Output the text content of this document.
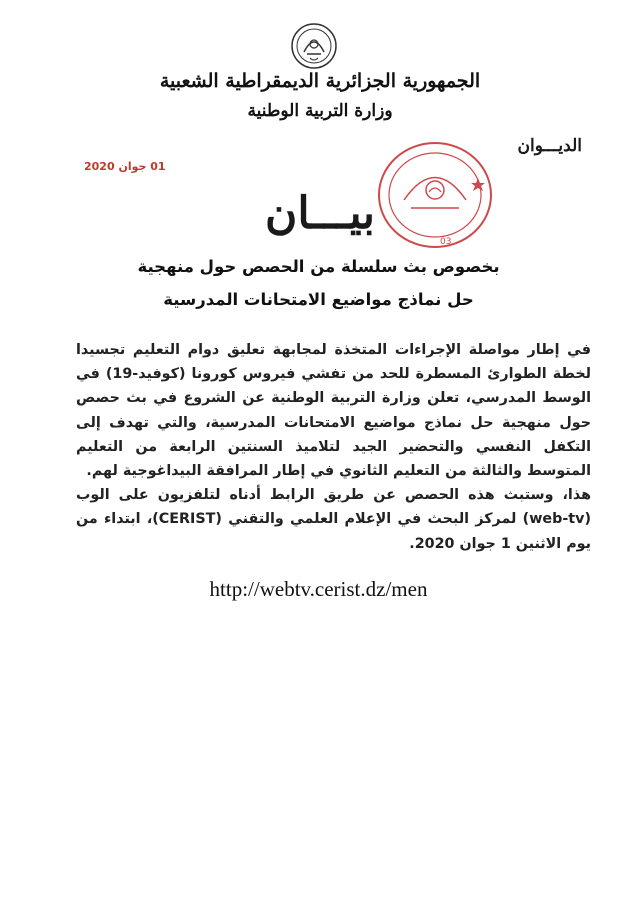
الجمهورية الجزائرية الديمقراطية الشعبية
وزارة التربية الوطنية
الديـــوان
01 جوان 2020
03
بيـــان
بخصوص بث سلسلة من الحصص حول منهجية
حل نماذج مواضيع الامتحانات المدرسية

في إطار مواصلة الإجراءات المتخذة لمجابهة تعليق دوام التعليم تجسيدا لخطة الطوارئ المسطرة للحد من تفشي فيروس كورونا (كوفيد-19) في الوسط المدرسي، تعلن وزارة التربية الوطنية عن الشروع في بث حصص حول منهجية حل نماذج مواضيع الامتحانات المدرسية، والتي تهدف إلى التكفل النفسي والتحضير الجيد لتلاميذ السنتين الرابعة من التعليم المتوسط والثالثة من التعليم الثانوي في إطار المرافقة البيداغوجية لهم.

هذا، وستبث هذه الحصص عن طريق الرابط أدناه لتلفزيون على الوب (web-tv) لمركز البحث في الإعلام العلمي والتقني (CERIST)، ابتداء من يوم الاثنين 1 جوان 2020.

http://webtv.cerist.dz/men
